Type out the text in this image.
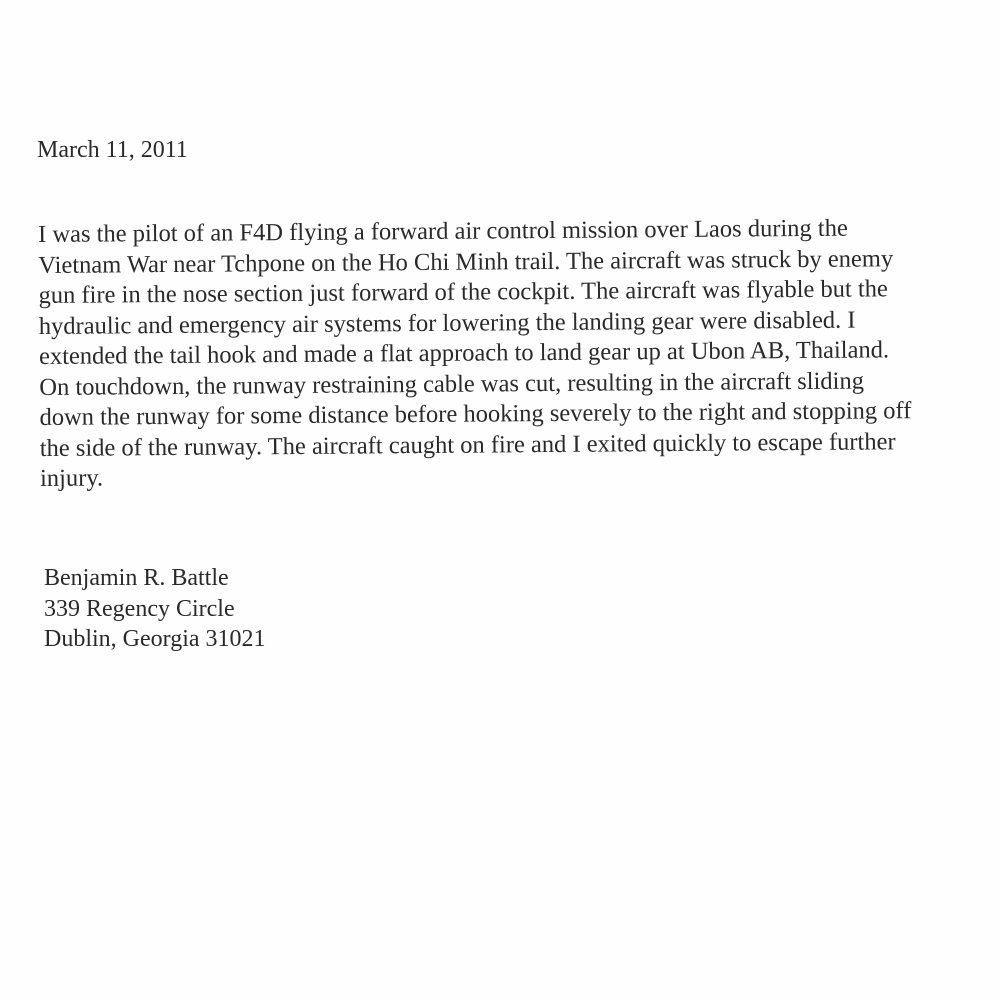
March 11, 2011
I was the pilot of an F4D flying a forward air control mission over Laos during the
Vietnam War near Tchpone on the Ho Chi Minh trail. The aircraft was struck by enemy
gun fire in the nose section just forward of the cockpit. The aircraft was flyable but the
hydraulic and emergency air systems for lowering the landing gear were disabled. I
extended the tail hook and made a flat approach to land gear up at Ubon AB, Thailand.
On touchdown, the runway restraining cable was cut, resulting in the aircraft sliding
down the runway for some distance before hooking severely to the right and stopping off
the side of the runway. The aircraft caught on fire and I exited quickly to escape further
injury.
Benjamin R. Battle
339 Regency Circle
Dublin, Georgia 31021
